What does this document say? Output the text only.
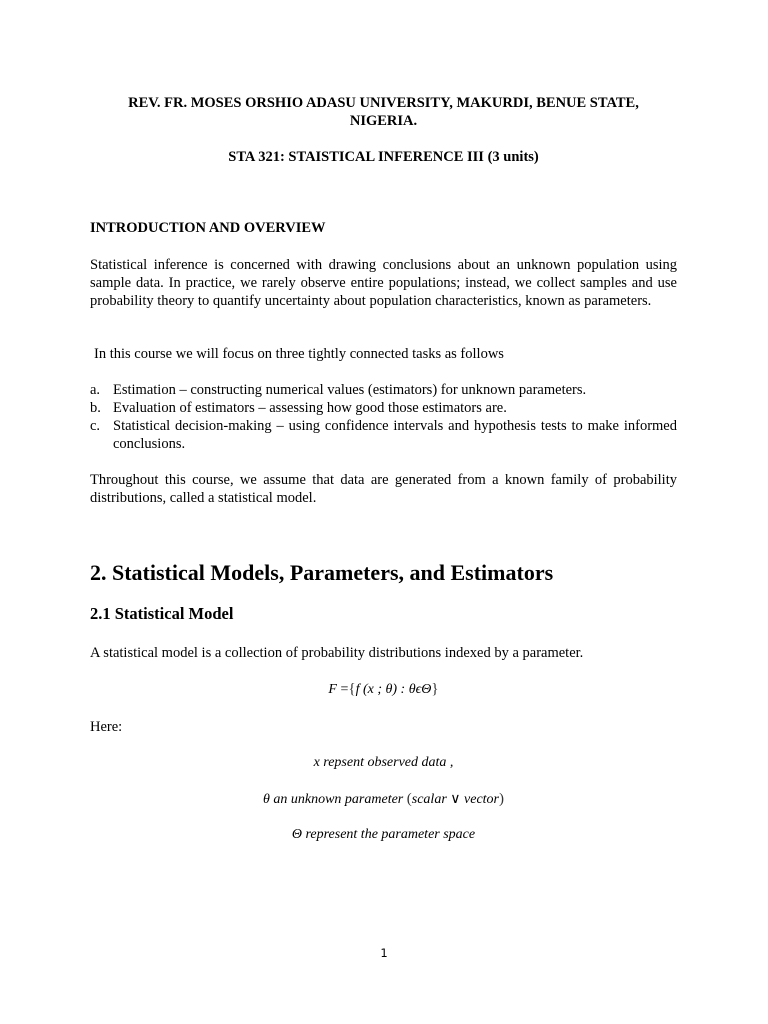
REV. FR. MOSES ORSHIO ADASU UNIVERSITY, MAKURDI, BENUE STATE,
NIGERIA.
STA 321: STAISTICAL INFERENCE III (3 units)
INTRODUCTION AND OVERVIEW
Statistical inference is concerned with drawing conclusions about an unknown population using sample data. In practice, we rarely observe entire populations; instead, we collect samples and use probability theory to quantify uncertainty about population characteristics, known as parameters.
In this course we will focus on three tightly connected tasks as follows
a. Estimation – constructing numerical values (estimators) for unknown parameters.
b. Evaluation of estimators – assessing how good those estimators are.
c. Statistical decision-making – using confidence intervals and hypothesis tests to make informed conclusions.
Throughout this course, we assume that data are generated from a known family of probability distributions, called a statistical model.
2. Statistical Models, Parameters, and Estimators
2.1 Statistical Model
A statistical model is a collection of probability distributions indexed by a parameter.
F ={f (x ; θ) : θϵΘ}
Here:
x repsent observed data ,
θ an unknown parameter (scalar ∨ vector)
Θ represent the parameter space
1
